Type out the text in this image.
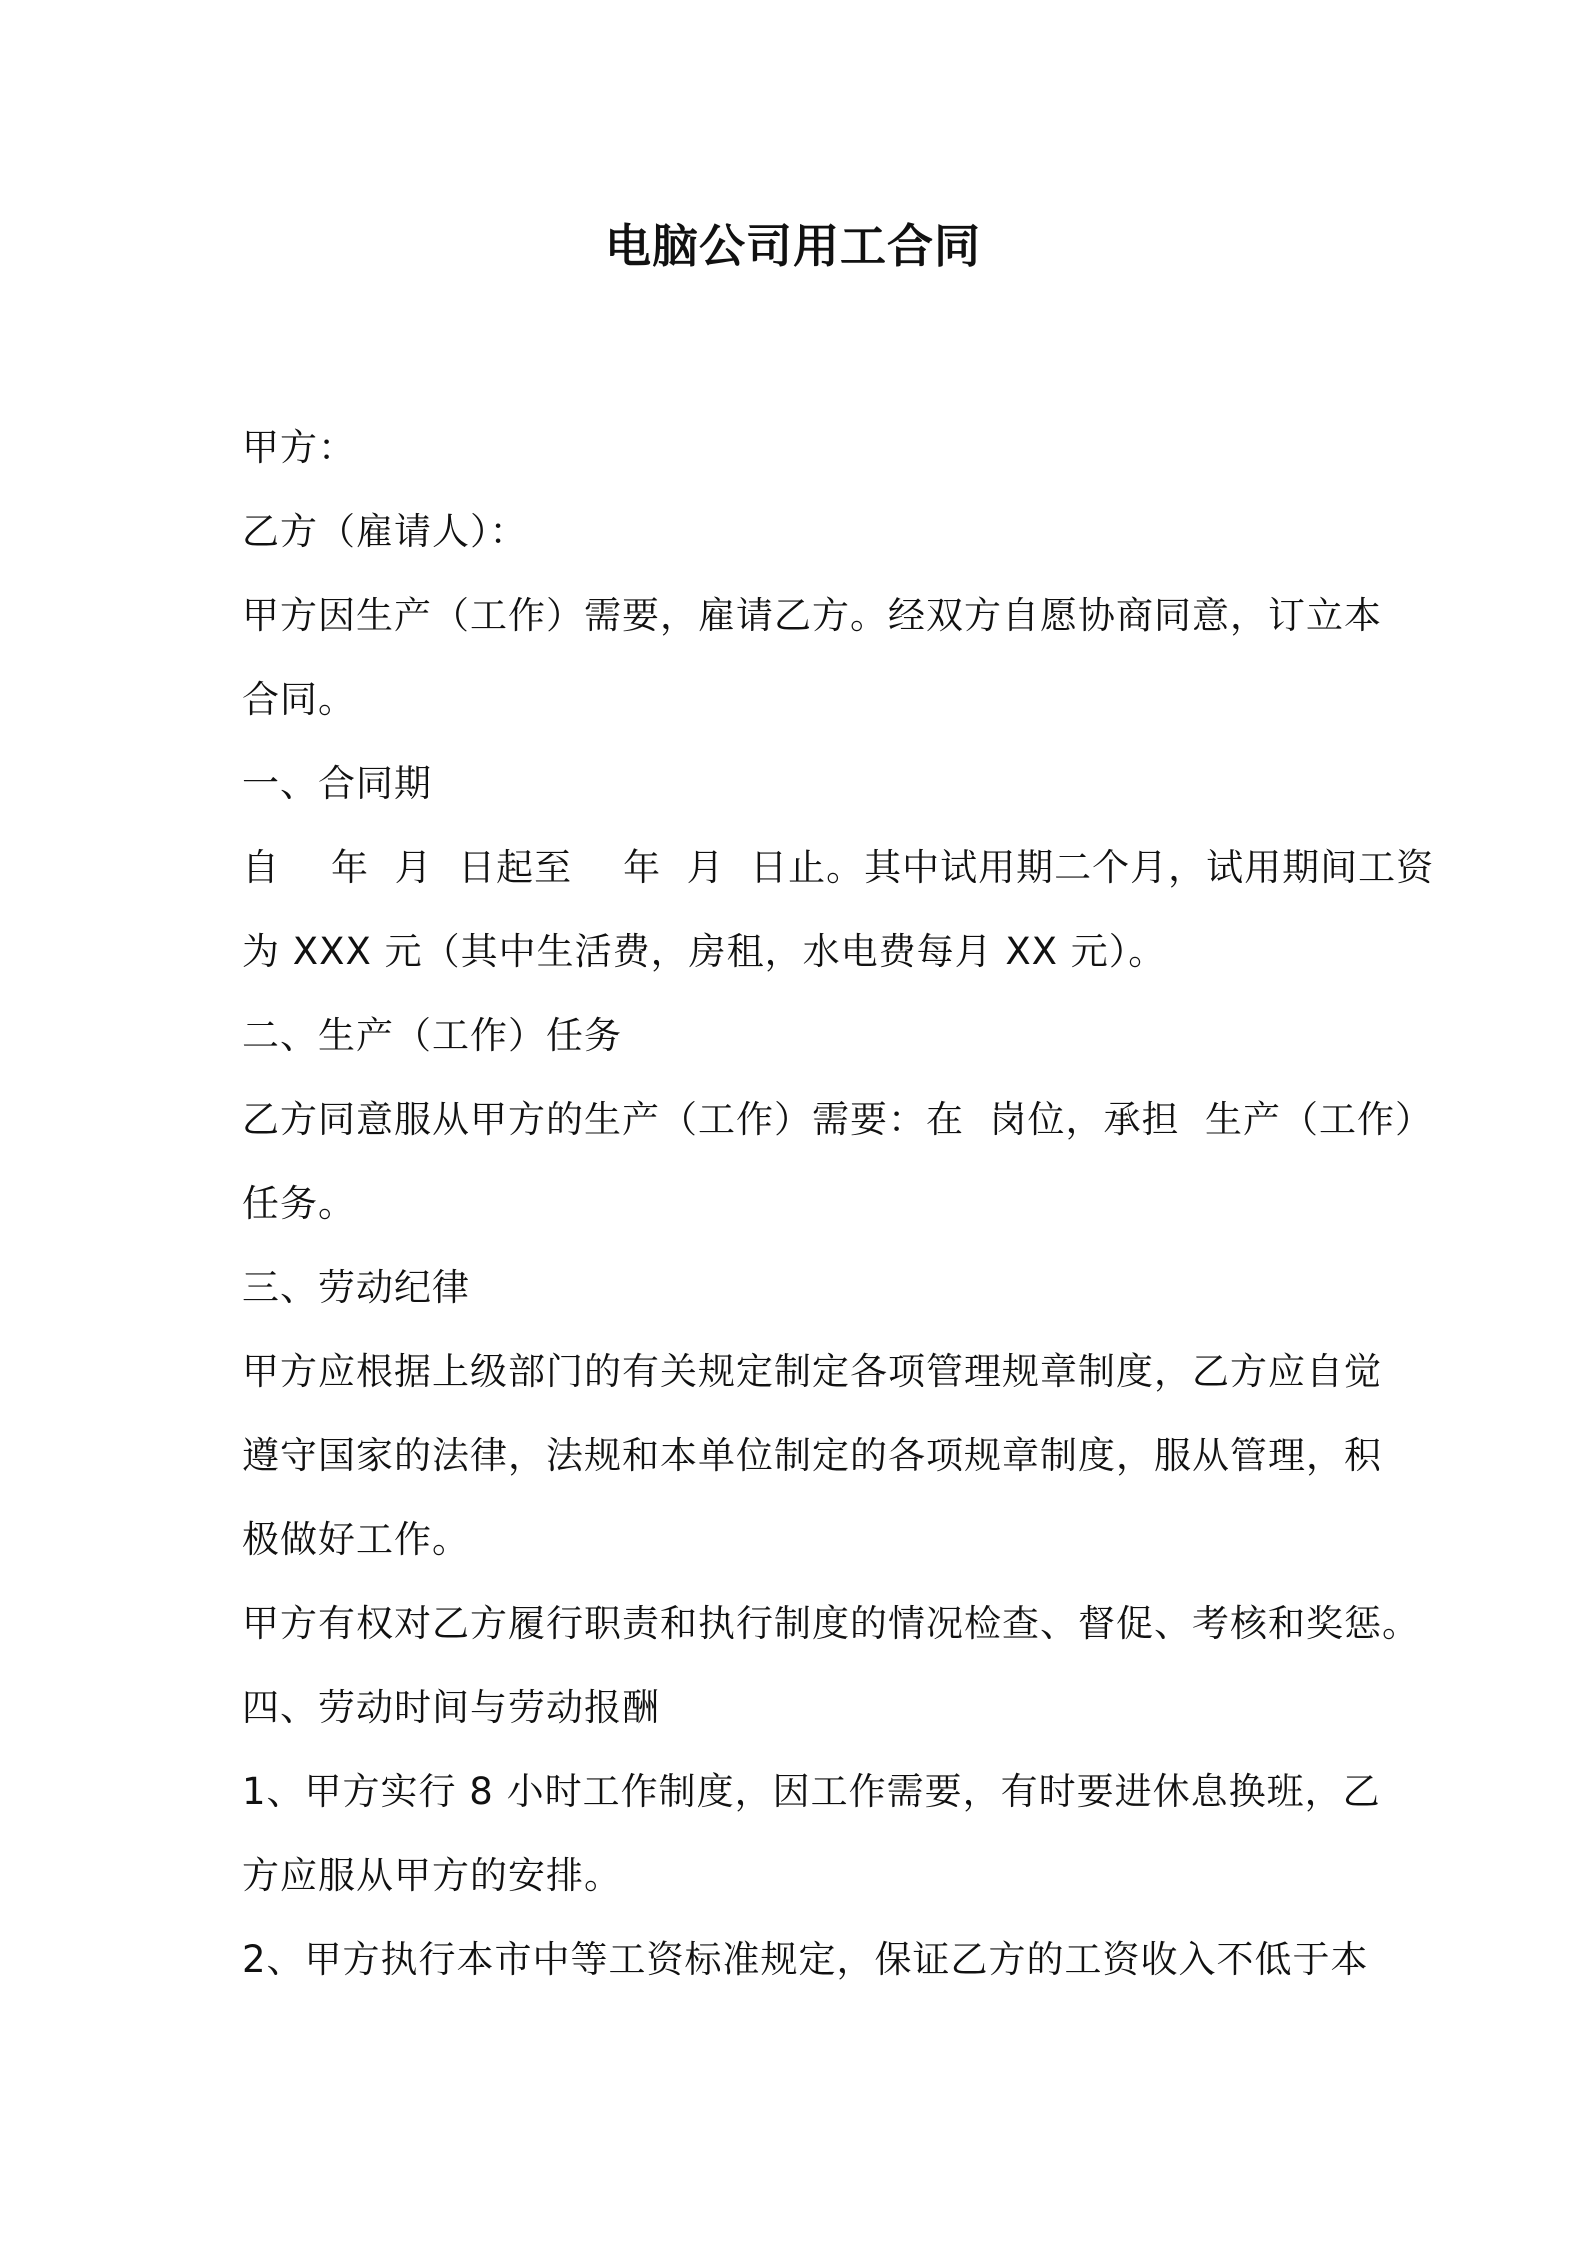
电脑公司用工合同
甲方：
乙方（雇请人）：
甲方因生产（工作）需要，雇请乙方。经双方自愿协商同意，订立本
合同。
一、合同期
自    年  月  日起至    年  月  日止。其中试用期二个月，试用期间工资
为 XXX 元（其中生活费，房租，水电费每月 XX 元）。
二、生产（工作）任务
乙方同意服从甲方的生产（工作）需要：在  岗位，承担  生产（工作）
任务。
三、劳动纪律
甲方应根据上级部门的有关规定制定各项管理规章制度，乙方应自觉
遵守国家的法律，法规和本单位制定的各项规章制度，服从管理，积
极做好工作。
甲方有权对乙方履行职责和执行制度的情况检查、督促、考核和奖惩。
四、劳动时间与劳动报酬
1、甲方实行 8 小时工作制度，因工作需要，有时要进休息换班，乙
方应服从甲方的安排。
2、甲方执行本市中等工资标准规定，保证乙方的工资收入不低于本
